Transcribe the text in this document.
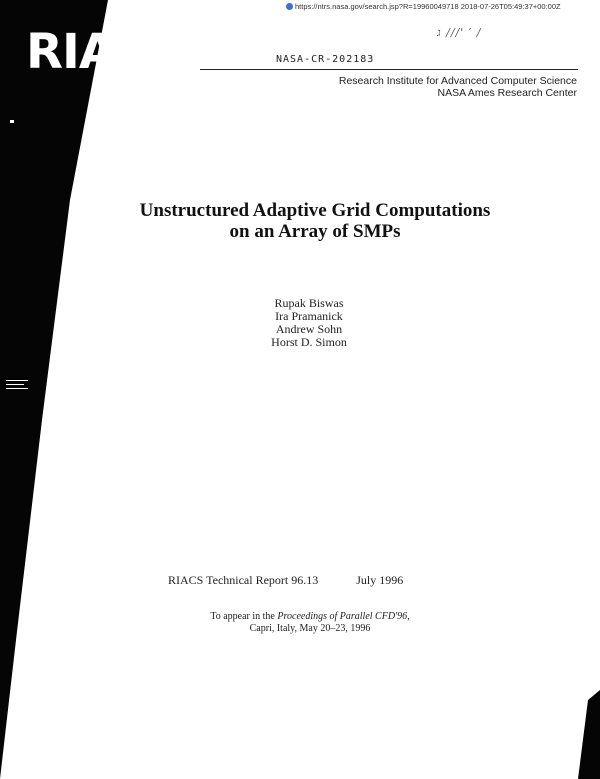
https://ntrs.nasa.gov/search.jsp?R=19960049718 2018-07-26T05:49:37+00:00Z
ג ///' ′ /
RIACS	NASA-CR-202183
Research Institute for Advanced Computer Science
NASA Ames Research Center
Unstructured Adaptive Grid Computations
on an Array of SMPs
Rupak Biswas
Ira Pramanick
Andrew Sohn
Horst D. Simon
RIACS Technical Report 96.13	July 1996
To appear in the Proceedings of Parallel CFD'96,
Capri, Italy, May 20–23, 1996
